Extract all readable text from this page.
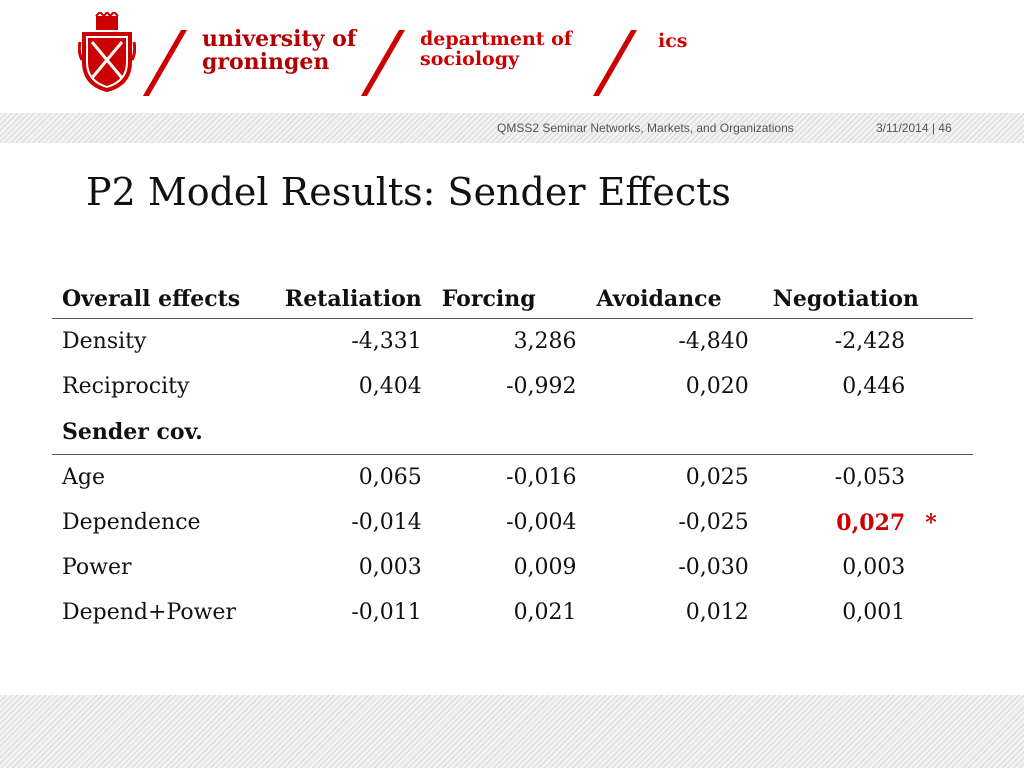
university of
groningen
department of
sociology
ics
QMSS2 Seminar Networks, Markets, and Organizations	3/11/2014 | 46
P2 Model Results: Sender Effects
Overall effects	Retaliation	Forcing	Avoidance	Negotiation	
Density	-4,331	3,286	-4,840	-2,428	
Reciprocity	0,404	-0,992	0,020	0,446	
Sender cov.					
Age	0,065	-0,016	0,025	-0,053	
Dependence	-0,014	-0,004	-0,025	0,027	*
Power	0,003	0,009	-0,030	0,003	
Depend+Power	-0,011	0,021	0,012	0,001	
